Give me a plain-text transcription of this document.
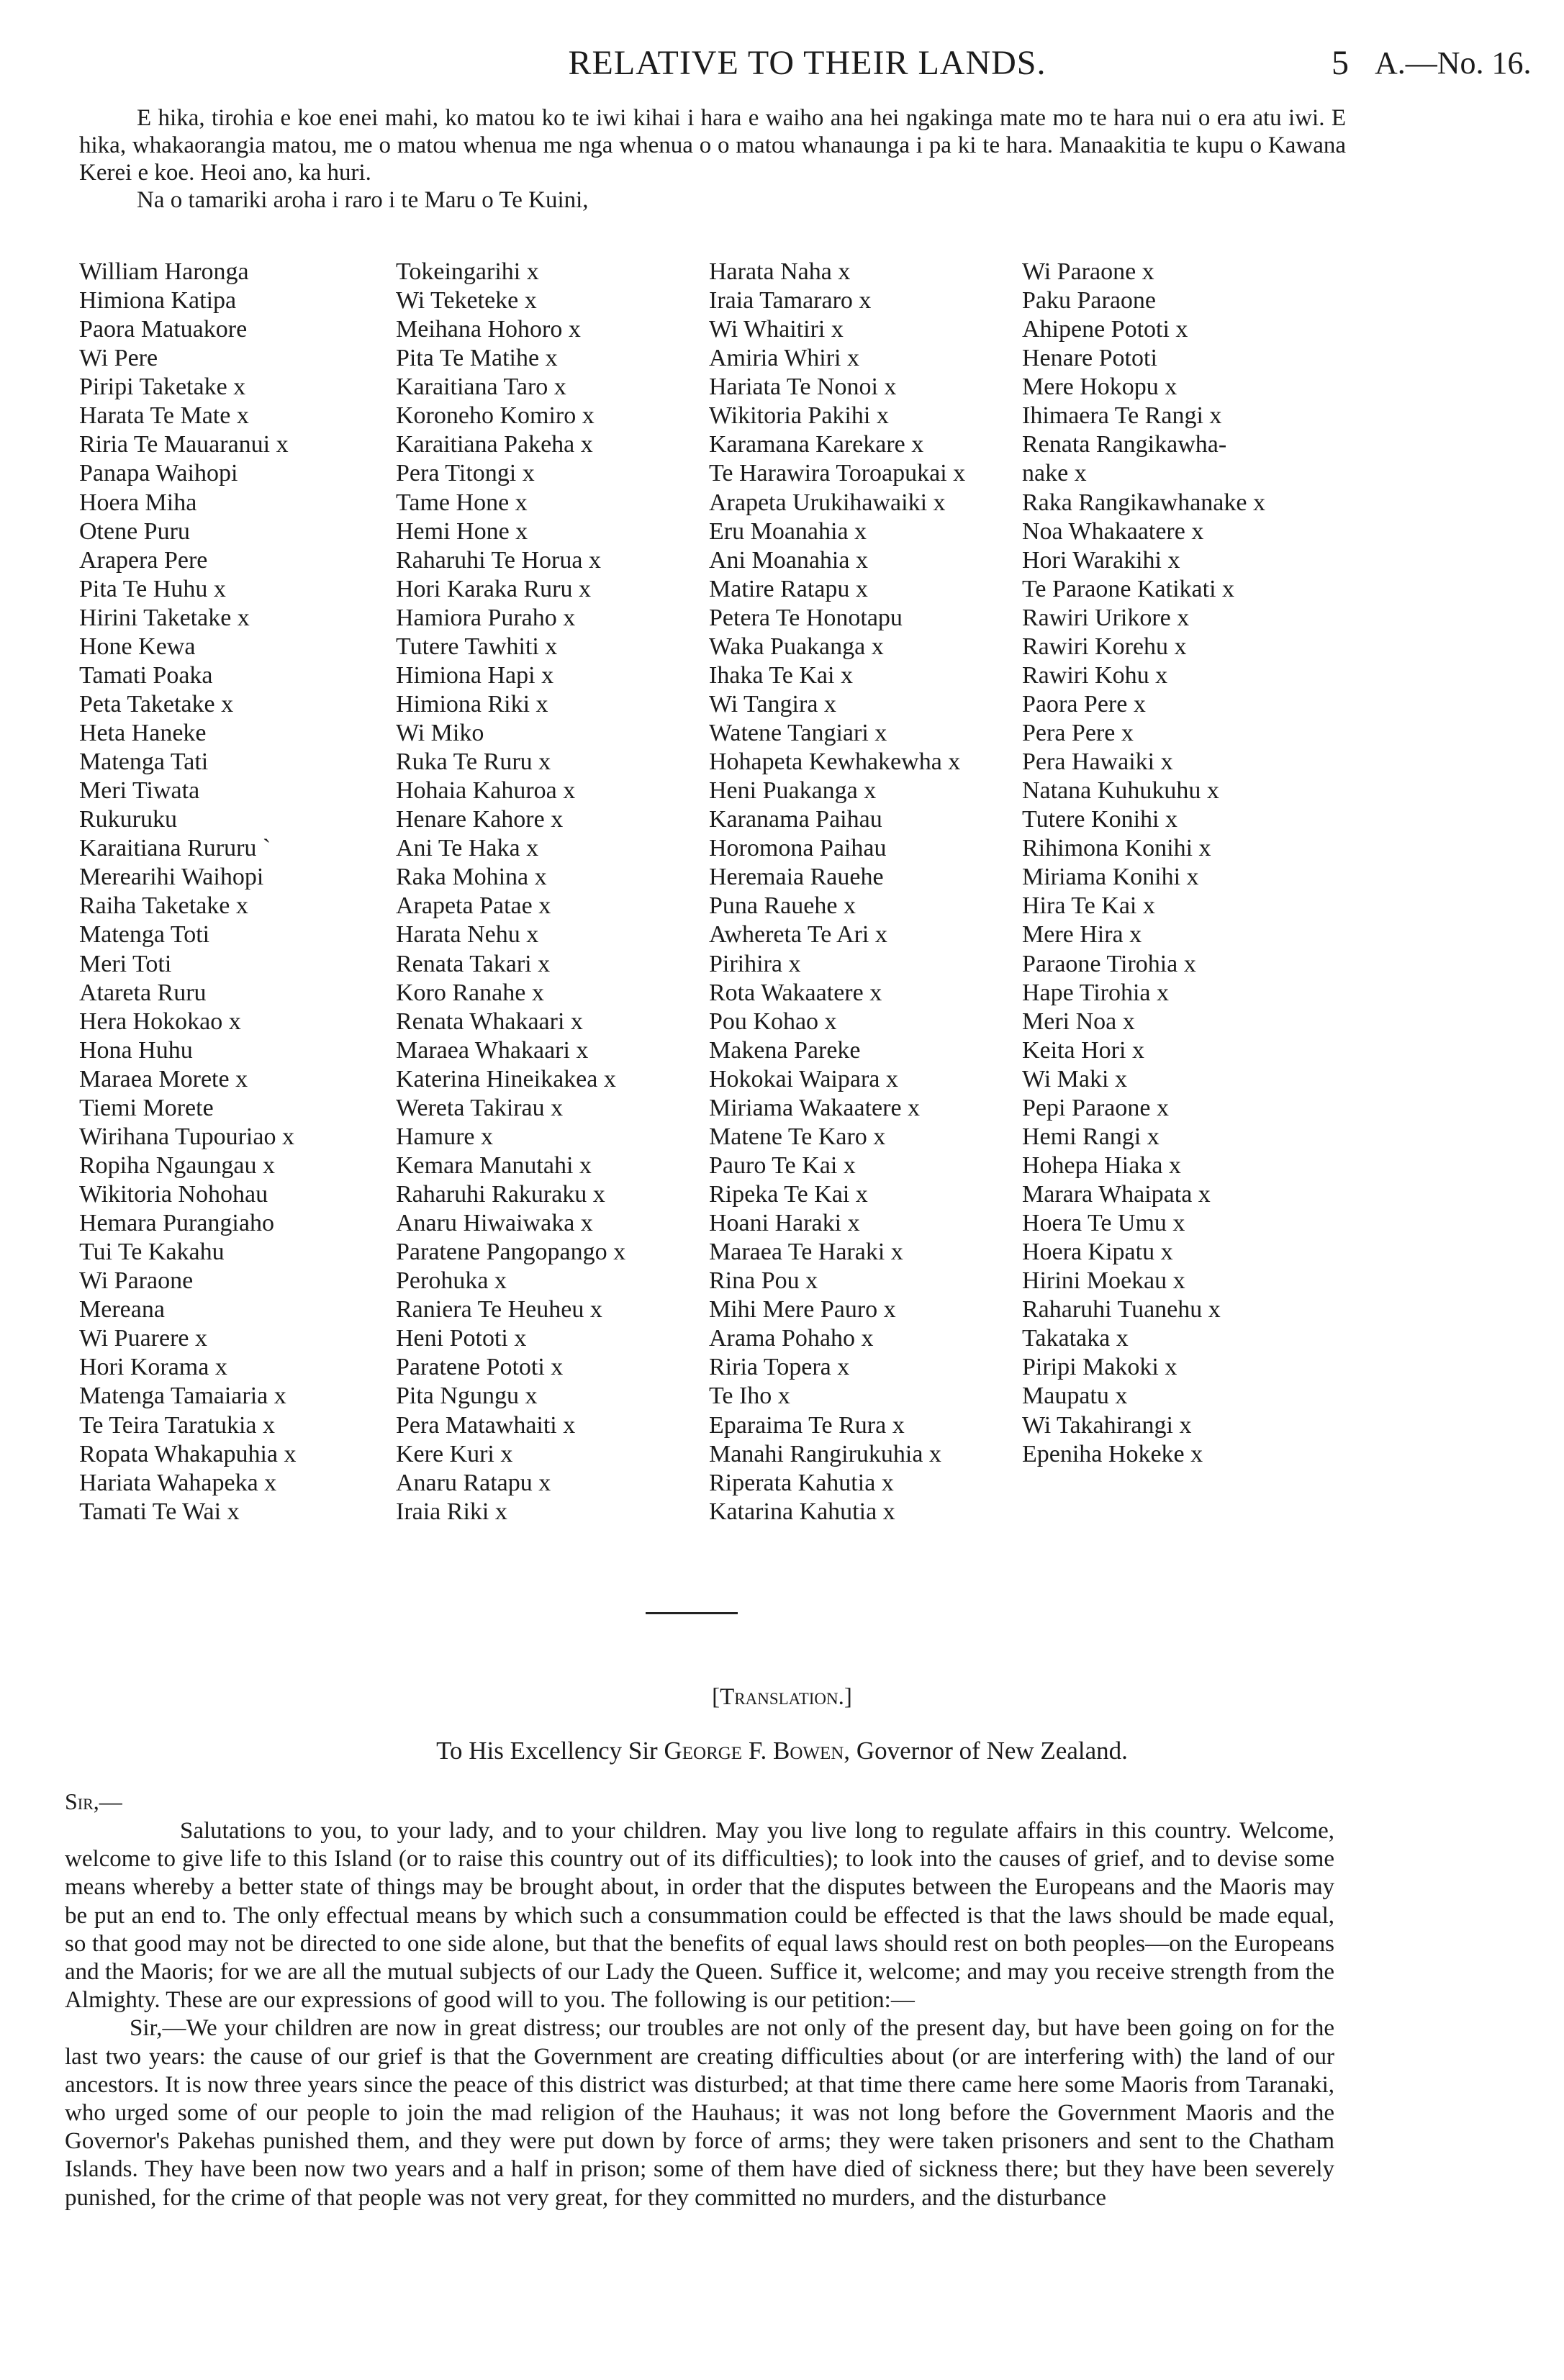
RELATIVE TO THEIR LANDS.	5 A.—No. 16.

E hika, tirohia e koe enei mahi, ko matou ko te iwi kihai i hara e waiho ana hei ngakinga mate mo te hara nui o era atu iwi. E hika, whakaorangia matou, me o matou whenua me nga whenua o o matou whanaunga i pa ki te hara. Manaakitia te kupu o Kawana Kerei e koe. Heoi ano, ka huri.

Na o tamariki aroha i raro i te Maru o Te Kuini,

William Haronga
Himiona Katipa
Paora Matuakore
Wi Pere
Piripi Taketake x
Harata Te Mate x
Riria Te Mauaranui x
Panapa Waihopi
Hoera Miha
Otene Puru
Arapera Pere
Pita Te Huhu x
Hirini Taketake x
Hone Kewa
Tamati Poaka
Peta Taketake x
Heta Haneke
Matenga Tati
Meri Tiwata
Rukuruku
Karaitiana Rururu `
Merearihi Waihopi
Raiha Taketake x
Matenga Toti
Meri Toti
Atareta Ruru
Hera Hokokao x
Hona Huhu
Maraea Morete x
Tiemi Morete
Wirihana Tupouriao x
Ropiha Ngaungau x
Wikitoria Nohohau
Hemara Purangiaho
Tui Te Kakahu
Wi Paraone
Mereana
Wi Puarere x
Hori Korama x
Matenga Tamaiaria x
Te Teira Taratukia x
Ropata Whakapuhia x
Hariata Wahapeka x
Tamati Te Wai x
Tokeingarihi x
Wi Teketeke x
Meihana Hohoro x
Pita Te Matihe x
Karaitiana Taro x
Koroneho Komiro x
Karaitiana Pakeha x
Pera Titongi x
Tame Hone x
Hemi Hone x
Raharuhi Te Horua x
Hori Karaka Ruru x
Hamiora Puraho x
Tutere Tawhiti x
Himiona Hapi x
Himiona Riki x
Wi Miko
Ruka Te Ruru x
Hohaia Kahuroa x
Henare Kahore x
Ani Te Haka x
Raka Mohina x
Arapeta Patae x
Harata Nehu x
Renata Takari x
Koro Ranahe x
Renata Whakaari x
Maraea Whakaari x
Katerina Hineikakea x
Wereta Takirau x
Hamure x
Kemara Manutahi x
Raharuhi Rakuraku x
Anaru Hiwaiwaka x
Paratene Pangopango x
Perohuka x
Raniera Te Heuheu x
Heni Pototi x
Paratene Pototi x
Pita Ngungu x
Pera Matawhaiti x
Kere Kuri x
Anaru Ratapu x
Iraia Riki x
Harata Naha x
Iraia Tamararo x
Wi Whaitiri x
Amiria Whiri x
Hariata Te Nonoi x
Wikitoria Pakihi x
Karamana Karekare x
Te Harawira Toroapukai x
Arapeta Urukihawaiki x
Eru Moanahia x
Ani Moanahia x
Matire Ratapu x
Petera Te Honotapu
Waka Puakanga x
Ihaka Te Kai x
Wi Tangira x
Watene Tangiari x
Hohapeta Kewhakewha x
Heni Puakanga x
Karanama Paihau
Horomona Paihau
Heremaia Rauehe
Puna Rauehe x
Awhereta Te Ari x
Pirihira x
Rota Wakaatere x
Pou Kohao x
Makena Pareke
Hokokai Waipara x
Miriama Wakaatere x
Matene Te Karo x
Pauro Te Kai x
Ripeka Te Kai x
Hoani Haraki x
Maraea Te Haraki x
Rina Pou x
Mihi Mere Pauro x
Arama Pohaho x
Riria Topera x
Te Iho x
Eparaima Te Rura x
Manahi Rangirukuhia x
Riperata Kahutia x
Katarina Kahutia x
Wi Paraone x
Paku Paraone
Ahipene Pototi x
Henare Pototi
Mere Hokopu x
Ihimaera Te Rangi x
Renata Rangikawha-
nake x
Raka Rangikawhanake x
Noa Whakaatere x
Hori Warakihi x
Te Paraone Katikati x
Rawiri Urikore x
Rawiri Korehu x
Rawiri Kohu x
Paora Pere x
Pera Pere x
Pera Hawaiki x
Natana Kuhukuhu x
Tutere Konihi x
Rihimona Konihi x
Miriama Konihi x
Hira Te Kai x
Mere Hira x
Paraone Tirohia x
Hape Tirohia x
Meri Noa x
Keita Hori x
Wi Maki x
Pepi Paraone x
Hemi Rangi x
Hohepa Hiaka x
Marara Whaipata x
Hoera Te Umu x
Hoera Kipatu x
Hirini Moekau x
Raharuhi Tuanehu x
Takataka x
Piripi Makoki x
Maupatu x
Wi Takahirangi x
Epeniha Hokeke x
[Translation.]
To His Excellency Sir George F. Bowen, Governor of New Zealand.
Sir,—

Salutations to you, to your lady, and to your children. May you live long to regulate affairs in this country. Welcome, welcome to give life to this Island (or to raise this country out of its difficulties); to look into the causes of grief, and to devise some means whereby a better state of things may be brought about, in order that the disputes between the Europeans and the Maoris may be put an end to. The only effectual means by which such a consummation could be effected is that the laws should be made equal, so that good may not be directed to one side alone, but that the benefits of equal laws should rest on both peoples—on the Europeans and the Maoris; for we are all the mutual subjects of our Lady the Queen. Suffice it, welcome; and may you receive strength from the Almighty. These are our expressions of good will to you. The following is our petition:—

Sir,—We your children are now in great distress; our troubles are not only of the present day, but have been going on for the last two years: the cause of our grief is that the Government are creating difficulties about (or are interfering with) the land of our ancestors. It is now three years since the peace of this district was disturbed; at that time there came here some Maoris from Taranaki, who urged some of our people to join the mad religion of the Hauhaus; it was not long before the Government Maoris and the Governor's Pakehas punished them, and they were put down by force of arms; they were taken prisoners and sent to the Chatham Islands. They have been now two years and a half in prison; some of them have died of sickness there; but they have been severely punished, for the crime of that people was not very great, for they committed no murders, and the disturbance
